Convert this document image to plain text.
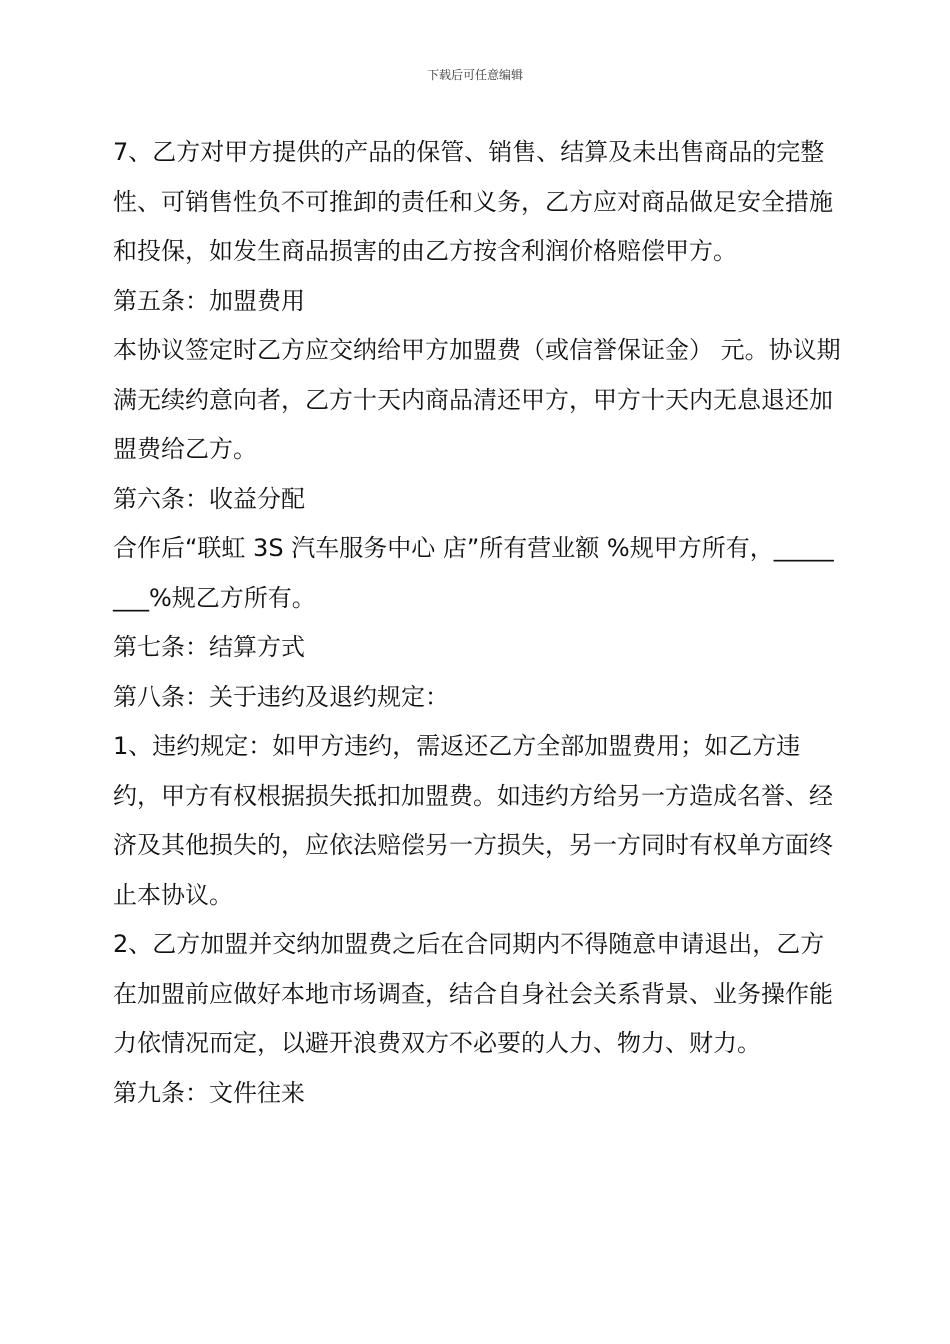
下载后可任意编辑

7、乙方对甲方提供的产品的保管、销售、结算及未出售商品的完整性、可销售性负不可推卸的责任和义务，乙方应对商品做足安全措施和投保，如发生商品损害的由乙方按含利润价格赔偿甲方。

第五条：加盟费用

本协议签定时乙方应交纳给甲方加盟费（或信誉保证金） 元。协议期满无续约意向者，乙方十天内商品清还甲方，甲方十天内无息退还加盟费给乙方。

第六条：收益分配

合作后“联虹 3S 汽车服务中心 店”所有营业额 %规甲方所有，________%规乙方所有。

第七条：结算方式

第八条：关于违约及退约规定：

1、违约规定：如甲方违约，需返还乙方全部加盟费用；如乙方违约，甲方有权根据损失抵扣加盟费。如违约方给另一方造成名誉、经济及其他损失的，应依法赔偿另一方损失，另一方同时有权单方面终止本协议。

2、乙方加盟并交纳加盟费之后在合同期内不得随意申请退出，乙方在加盟前应做好本地市场调查，结合自身社会关系背景、业务操作能力依情况而定，以避开浪费双方不必要的人力、物力、财力。

第九条：文件往来
